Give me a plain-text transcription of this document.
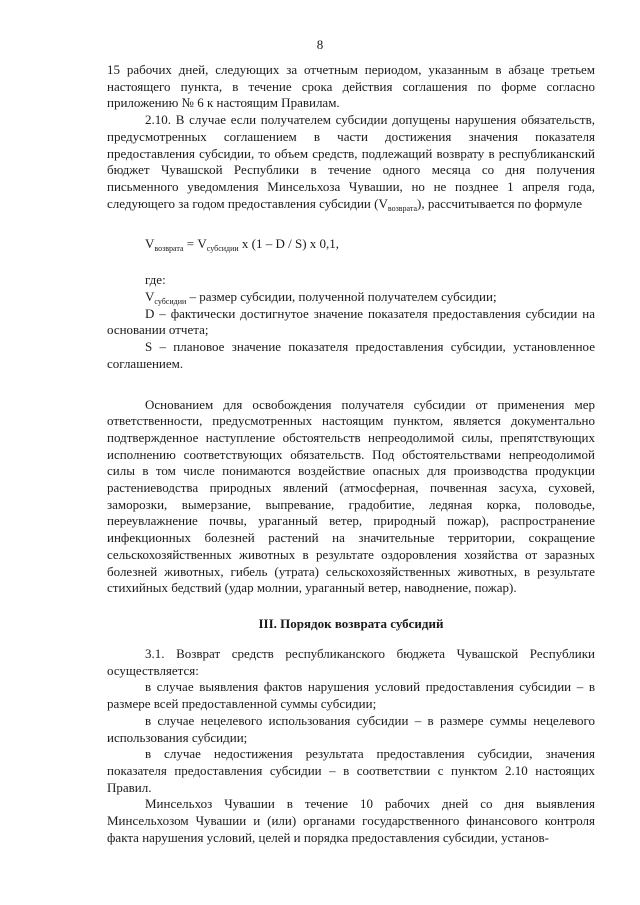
8

15 рабочих дней, следующих за отчетным периодом, указанным в абзаце третьем настоящего пункта, в течение срока действия соглашения по форме согласно приложению № 6 к настоящим Правилам.

2.10. В случае если получателем субсидии допущены нарушения обязательств, предусмотренных соглашением в части достижения значения показателя предоставления субсидии, то объем средств, подлежащий возврату в республиканский бюджет Чувашской Республики в течение одного месяца со дня получения письменного уведомления Минсельхоза Чувашии, но не позднее 1 апреля года, следующего за годом предоставления субсидии $(V_{возврата})$, рассчитывается по формуле

$V_{возврата} = V_{субсидии}$ x (1 – D / S) x 0,1,

где:

$V_{субсидии}$ – размер субсидии, полученной получателем субсидии;

D – фактически достигнутое значение показателя предоставления субсидии на основании отчета;

S – плановое значение показателя предоставления субсидии, установленное соглашением.

Основанием для освобождения получателя субсидии от применения мер ответственности, предусмотренных настоящим пунктом, является документально подтвержденное наступление обстоятельств непреодолимой силы, препятствующих исполнению соответствующих обязательств. Под обстоятельствами непреодолимой силы в том числе понимаются воздействие опасных для производства продукции растениеводства природных явлений (атмосферная, почвенная засуха, суховей, заморозки, вымерзание, выпревание, градобитие, ледяная корка, половодье, переувлажнение почвы, ураганный ветер, природный пожар), распространение инфекционных болезней растений на значительные территории, сокращение сельскохозяйственных животных в результате оздоровления хозяйства от заразных болезней животных, гибель (утрата) сельскохозяйственных животных, в результате стихийных бедствий (удар молнии, ураганный ветер, наводнение, пожар).

III. Порядок возврата субсидий

3.1. Возврат средств республиканского бюджета Чувашской Республики осуществляется:

в случае выявления фактов нарушения условий предоставления субсидии – в размере всей предоставленной суммы субсидии;

в случае нецелевого использования субсидии – в размере суммы нецелевого использования субсидии;

в случае недостижения результата предоставления субсидии, значения показателя предоставления субсидии – в соответствии с пунктом 2.10 настоящих Правил.

Минсельхоз Чувашии в течение 10 рабочих дней со дня выявления Минсельхозом Чувашии и (или) органами государственного финансового контроля факта нарушения условий, целей и порядка предоставления субсидии, установ-
